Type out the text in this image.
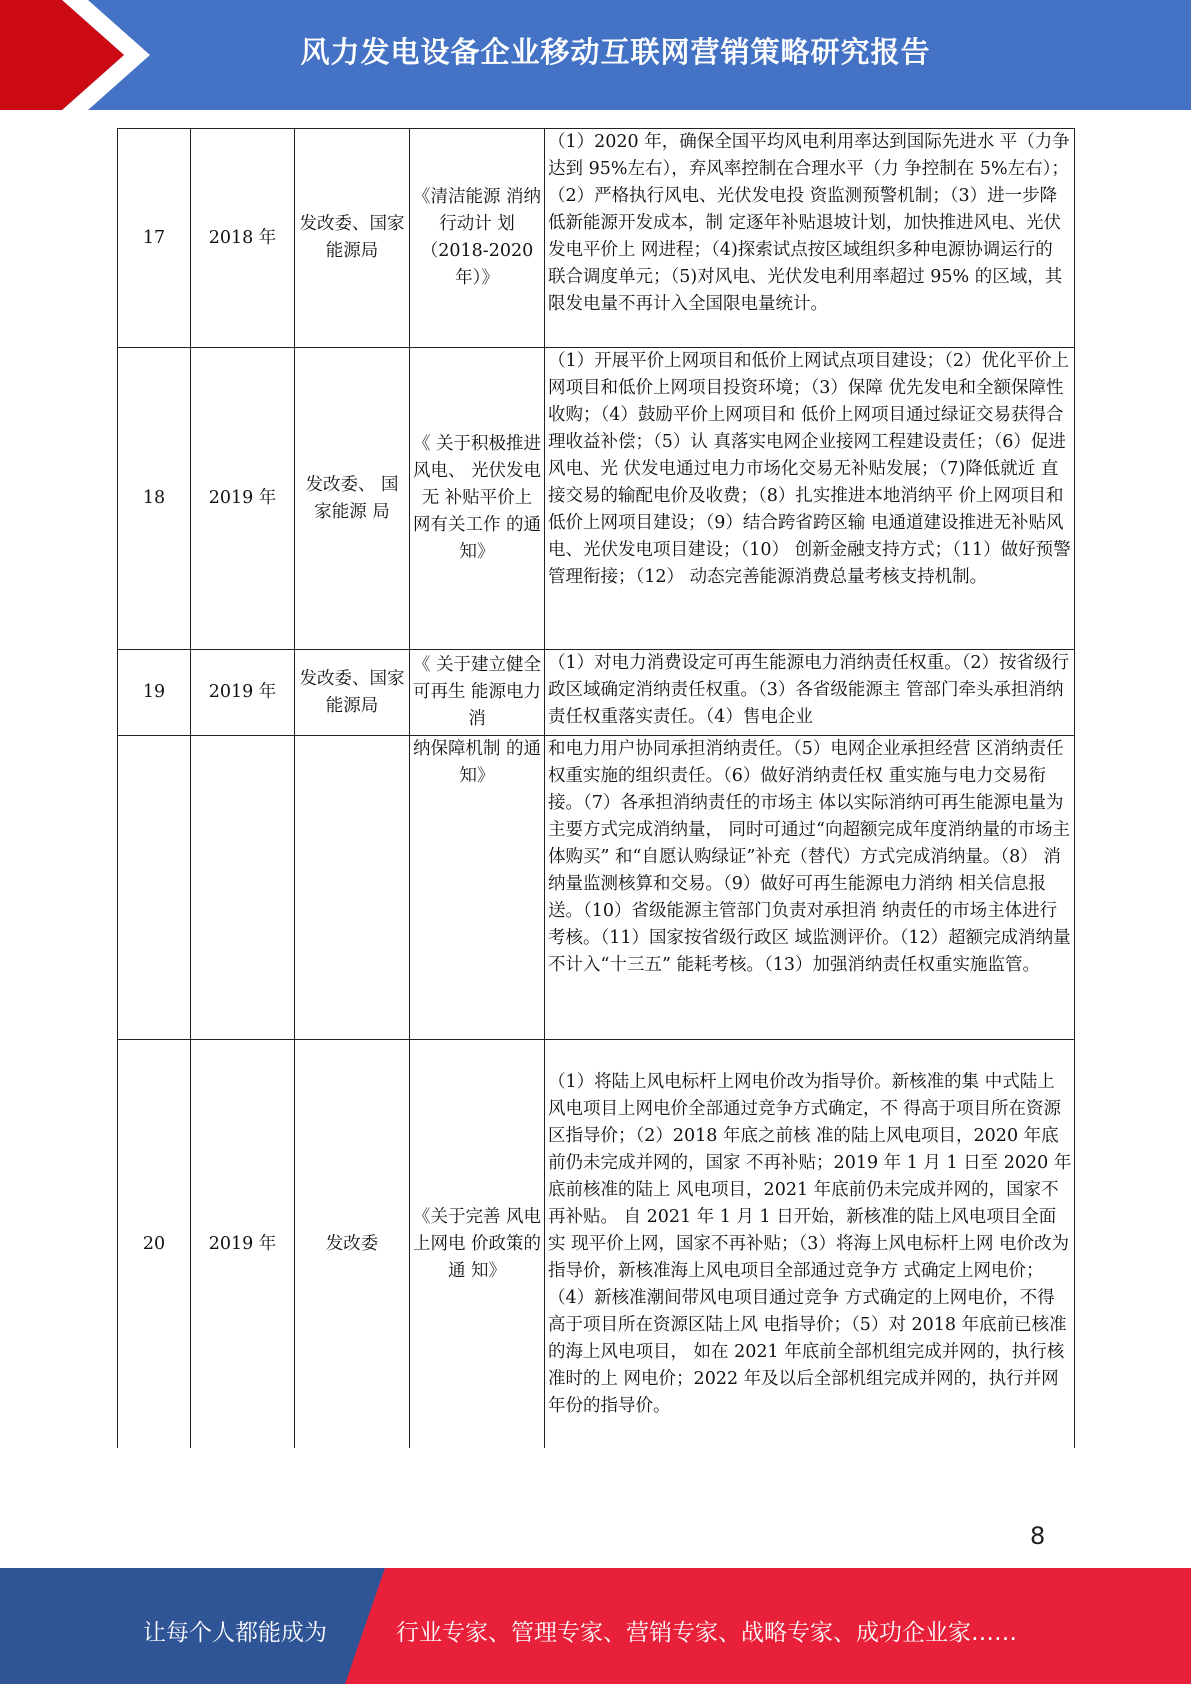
风力发电设备企业移动互联网营销策略研究报告
17	2018 年	发改委、国家能源局	《清洁能源 消纳行动计 划（2018-2020 年）》	（1）2020 年，确保全国平均风电利用率达到国际先进水 平（力争达到 95%左右），弃风率控制在合理水平（力 争控制在 5%左右）；（2）严格执行风电、光伏发电投 资监测预警机制；（3）进一步降低新能源开发成本，制 定逐年补贴退坡计划，加快推进风电、光伏发电平价上 网进程；（4)探索试点按区域组织多种电源协调运行的 联合调度单元；（5)对风电、光伏发电利用率超过 95% 的区域，其限发电量不再计入全国限电量统计。
18	2019 年	发改委、 国家能源 局	《 关于积极推进风电、 光伏发电无 补贴平价上 网有关工作 的通知》	（1）开展平价上网项目和低价上网试点项目建设；（2）优化平价上网项目和低价上网项目投资环境；（3）保障 优先发电和全额保障性收购；（4）鼓励平价上网项目和 低价上网项目通过绿证交易获得合理收益补偿；（5）认 真落实电网企业接网工程建设责任；（6）促进风电、光 伏发电通过电力市场化交易无补贴发展；（7)降低就近 直接交易的输配电价及收费；（8）扎实推进本地消纳平 价上网项目和低价上网项目建设；（9）结合跨省跨区输 电通道建设推进无补贴风电、光伏发电项目建设；（10） 创新金融支持方式；（11）做好预警管理衔接；（12） 动态完善能源消费总量考核支持机制。
19	2019 年	发改委、国家能源局	《 关于建立健全可再生 能源电力消	（1）对电力消费设定可再生能源电力消纳责任权重。（2）按省级行政区域确定消纳责任权重。（3）各省级能源主 管部门牵头承担消纳责任权重落实责任。（4）售电企业
			纳保障机制 的通知》	和电力用户协同承担消纳责任。（5）电网企业承担经营 区消纳责任权重实施的组织责任。（6）做好消纳责任权 重实施与电力交易衔接。（7）各承担消纳责任的市场主 体以实际消纳可再生能源电量为主要方式完成消纳量， 同时可通过“向超额完成年度消纳量的市场主体购买” 和“自愿认购绿证”补充（替代）方式完成消纳量。（8） 消纳量监测核算和交易。（9）做好可再生能源电力消纳 相关信息报送。（10）省级能源主管部门负责对承担消 纳责任的市场主体进行考核。（11）国家按省级行政区 域监测评价。（12）超额完成消纳量不计入“十三五” 能耗考核。（13）加强消纳责任权重实施监管。
20	2019 年	发改委	《关于完善 风电上网电 价政策的通 知》	（1）将陆上风电标杆上网电价改为指导价。新核准的集 中式陆上风电项目上网电价全部通过竞争方式确定，不 得高于项目所在资源区指导价；（2）2018 年底之前核 准的陆上风电项目，2020 年底前仍未完成并网的，国家 不再补贴；2019 年 1 月 1 日至 2020 年底前核准的陆上 风电项目，2021 年底前仍未完成并网的，国家不再补贴。 自 2021 年 1 月 1 日开始，新核准的陆上风电项目全面实 现平价上网，国家不再补贴；（3）将海上风电标杆上网 电价改为指导价，新核准海上风电项目全部通过竞争方 式确定上网电价；（4）新核准潮间带风电项目通过竞争 方式确定的上网电价，不得高于项目所在资源区陆上风 电指导价；（5）对 2018 年底前已核准的海上风电项目， 如在 2021 年底前全部机组完成并网的，执行核准时的上 网电价；2022 年及以后全部机组完成并网的，执行并网 年份的指导价。
8
让每个人都能成为	行业专家、管理专家、营销专家、战略专家、成功企业家……
